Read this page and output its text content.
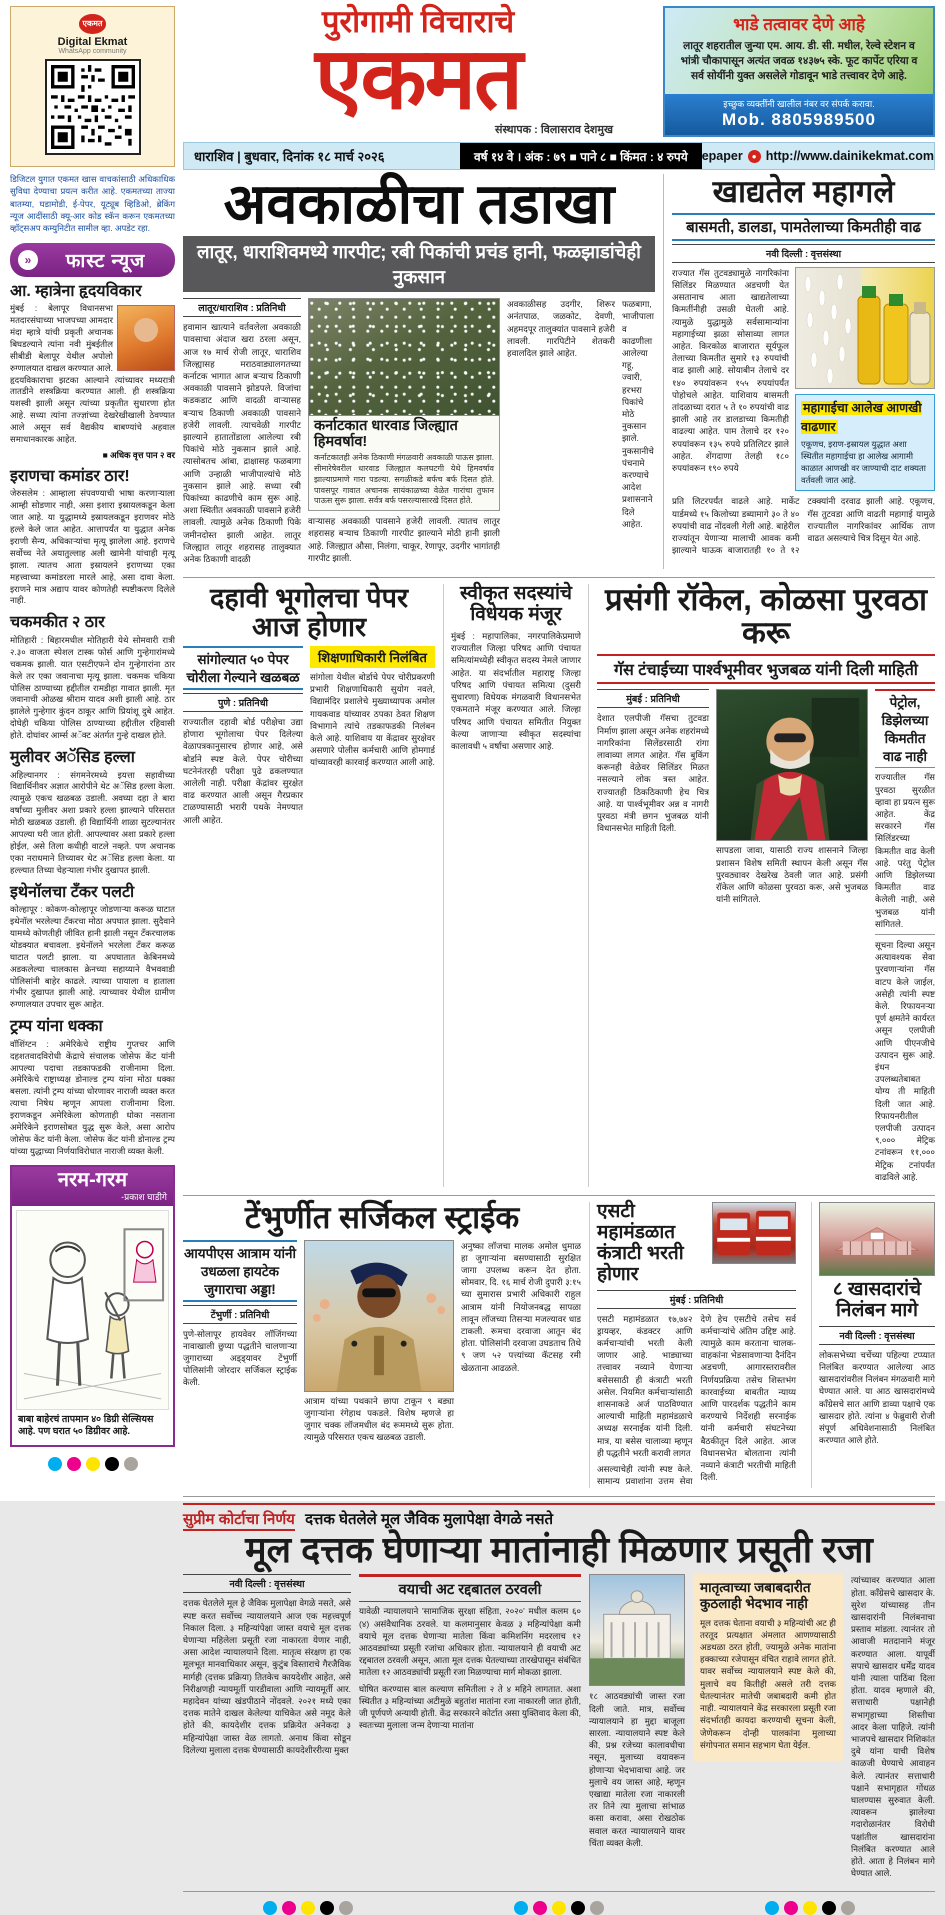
एकमत
Digital Ekmat
WhatsApp community
डिजिटल युगात एकमत खास वाचकांसाठी अधिकाधिक सुविधा देण्याचा प्रयत्न करीत आहे. एकमतच्या ताज्या बातम्या, घडामोडी, ई-पेपर, यूट्यूब व्हिडिओ, ब्रेकिंग न्यूज आदींसाठी क्यू-आर कोड स्कॅन करून एकमतच्या व्हॉट्सअप कम्युनिटीत सामील व्हा. अपडेट रहा.
»	फास्ट न्यूज
आ. म्हात्रेना हृदयविकार

मुंबई : बेलापूर विधानसभा मतदारसंघाच्या भाजपच्या आमदार मंदा म्हात्रे यांची प्रकृती अचानक बिघडल्याने त्यांना नवी मुंबईतील सीबीडी बेलापूर येथील अपोलो रुग्णालयात दाखल करण्यात आले. हृदयविकाराचा झटका आल्याने त्यांच्यावर मध्यरात्री तातडीने शस्त्रक्रिया करण्यात आली. ही शस्त्रक्रिया यशस्वी झाली असून त्यांच्या प्रकृतीत सुधारणा होत आहे. सध्या त्यांना तज्ज्ञांच्या देखरेखीखाली ठेवण्यात आले असून सर्व वैद्यकीय बाबण्यांचे अहवाल समाधानकारक आहेत.

■ अधिक वृत्त पान २ वर
इराणचा कमांडर ठार!

जेरुसलेम : आम्हाला संपवण्याची भाषा करणाऱ्याला आम्ही सोडणार नाही, असा इशारा इस्रायलकडून केला जात आहे. या युद्धामध्ये इस्रायलकडून इराणवर मोठे हल्ले केले जात आहेत. आत्तापर्यंत या युद्धात अनेक इराणी सैन्य, अधिकाऱ्यांचा मृत्यू झालेला आहे. इराणचे सर्वोच्च नेते अयातुल्लाह अली खामेनी यांचाही मृत्यू झाला. त्यातच आता इस्रायलने इराणच्या एका महत्त्वाच्या कमांडरला मारले आहे, असा दावा केला. इराणने मात्र अद्याप यावर कोणतेही स्पष्टीकरण दिलेले नाही.

चकमकीत २ ठार

मोतिहारी : बिहारमधील मोतिहारी येथे सोमवारी रात्री २.३० वाजता स्पेशल टास्क फोर्स आणि गुन्हेगारांमध्ये चकमक झाली. यात एसटीएफने दोन गुन्हेगारांना ठार केले तर एका जवानाचा मृत्यू झाला. चकमक चकिया पोलिस ठाण्याच्या हद्दीतील रामडीहा गावात झाली. मृत जवानाची ओळख श्रीराम यादव अशी झाली आहे. ठार झालेले गुन्हेगार कुंदन ठाकूर आणि प्रियांशू दुबे आहेत. दोघेही चकिया पोलिस ठाण्याच्या हद्दीतील रहिवासी होते. दोघांवर आर्म्स अॅक्ट अंतर्गत गुन्हे दाखल होते.

मुलीवर अॅसिड हल्ला

अहिल्यानगर : संगमनेरमध्ये इयत्ता सहावीच्या विद्यार्थिनीवर अज्ञात आरोपीने थेट अॅसिड हल्ला केला. त्यामुळे एकच खळबळ उडाली. अवघ्या दहा ते बारा वर्षांच्या मुलीवर अशा प्रकारे हल्ला झाल्याने परिसरात मोठी खळबळ उडाली. ही विद्यार्थिनी शाळा सुटल्यानंतर आपल्या घरी जात होती. आपल्यावर अशा प्रकारे हल्ला होईल, असे तिला कधीही वाटले नव्हते. पण अचानक एका नराधमाने तिच्यावर थेट अॅसिड हल्ला केला. या हल्ल्यात तिच्या चेहऱ्याला गंभीर दुखापत झाली.

इथेनॉलचा टँकर पलटी

कोल्हापूर : कोकण-कोल्हापूर जोडणाऱ्या करूळ घाटात इथेनॉल भरलेल्या टँकरचा मोठा अपघात झाला. सुदैवाने यामध्ये कोणतीही जीवित हानी झाली नसून टँकरचालक थोडक्यात बचावला. इथेनॉलने भरलेला टँकर करूळ घाटात पलटी झाला. या अपघातात केबिनमध्ये अडकलेल्या चालकास क्रेनच्या सहाय्याने वैभववाडी पोलिसांनी बाहेर काढले. त्याच्या पायाला व हाताला गंभीर दुखापत झाली आहे. त्याच्यावर येथील ग्रामीण रुग्णालयात उपचार सुरू आहेत.

ट्रम्प यांना धक्का

वॉशिंग्टन : अमेरिकेचे राष्ट्रीय गुप्तचर आणि दहशतवादविरोधी केंद्राचे संचालक जोसेफ केंट यांनी आपल्या पदाचा तडकाफडकी राजीनामा दिला. अमेरिकेचे राष्ट्राध्यक्ष डोनाल्ड ट्रम्प यांना मोठा धक्का बसला. त्यांनी ट्रम्प यांच्या धोरणावर नाराजी व्यक्त करत त्याचा निषेध म्हणून आपला राजीनामा दिला. इराणकडून अमेरिकेला कोणताही धोका नसताना अमेरिकेने इराणसोबत युद्ध सुरू केले, असा आरोप जोसेफ केंट यांनी केला. जोसेफ केंट यांनी डोनाल्ड ट्रम्प यांच्या युद्धाच्या निर्णयाविरोधात नाराजी व्यक्त केली.

नरम-गरम
-प्रकाश घाडीगे
बाबा बाहेरचं तापमान ४० डिग्री सेल्सियस आहे. पण घरात ५० डिग्रीवर आहे.
पुरोगामी विचाराचे
एकमत
संस्थापक : विलासराव देशमुख
भाडे तत्वावर देणे आहे
लातूर शहरातील जुन्या एम. आय. डी. सी. मधील, रेल्वे स्टेशन व भांत्री चौकापासून अत्यंत जवळ १४३७५ स्के. फूट कार्पेट एरिया व सर्व सोयींनी युक्त असलेले गोडावून भाडे तत्त्वावर देणे आहे.
इच्छुक व्यक्तींनी खालील नंबर वर संपर्क करावा.
Mob. 8805989500
धाराशिव | बुधवार, दिनांक १८ मार्च २०२६	वर्ष १४ वे । अंक : ७९ ■ पाने ८ ■ किंमत : ४ रुपये	epaper	● http://www.dainikekmat.com
अवकाळीचा तडाखा
लातूर, धाराशिवमध्ये गारपीट; रबी पिकांची प्रचंड हानी, फळझाडांचेही नुकसान
लातूर/धाराशिव : प्रतिनिधी

हवामान खात्याने वर्तवलेला अवकाळी पावसाचा अंदाज खरा ठरला असून, आज १७ मार्च रोजी लातूर, धाराशिव जिल्ह्यासह मराठवाड्यालगतच्या कर्नाटक भागात आज बऱ्याच ठिकाणी अवकाळी पावसाने झोडपले. विजांचा कडकडाट आणि वादळी वाऱ्यासह बऱ्याच ठिकाणी अवकाळी पावसाने हजेरी लावली. त्याचवेळी गारपीट झाल्याने हातातोंडाला आलेल्या रबी पिकांचे मोठे नुकसान झाले आहे. त्यासोबतच आंबा, द्राक्षासह फळबागा आणि उन्हाळी भाजीपाल्यांचे मोठे नुकसान झाले आहे. सध्या रबी पिकांच्या काढणीचे काम सुरू आहे. अशा स्थितीत अवकाळी पावसाने हजेरी लावली. त्यामुळे अनेक ठिकाणी पिके जमीनदोस्त झाली आहेत. लातूर जिल्ह्यात लातूर शहरासह तालुक्यात अनेक ठिकाणी वादळी

कर्नाटकात धारवाड जिल्ह्यात हिमवर्षाव!
कर्नाटकातही अनेक ठिकाणी मंगळवारी अवकाळी पाऊस झाला. सीमारेषेवरील धारवाड जिल्ह्यात कलघटगी येथे हिमवर्षाव झाल्याप्रमाणे गारा पडल्या. सगळीकडे बर्फच बर्फ दिसत होते. पावसपूर गावात अचानक सायंकाळच्या वेळेत गारांचा तुफान पाऊस सुरू झाला. सर्वत्र बर्फ पसरल्यासारखे दिसत होते.

वाऱ्यासह अवकाळी पावसाने हजेरी लावली. त्यातच लातूर शहरासह बऱ्याच ठिकाणी गारपीट झाल्याने मोठी हानी झाली आहे. जिल्ह्यात औसा, निलंगा, चाकूर, रेणापूर, उदगीर भागांतही गारपीट झाली.

अवकाळीसह उदगीर, शिरूर अनंतपाळ, जळकोट, देवणी, अहमदपूर तालुक्यांत पावसाने हजेरी लावली. गारपिटीने शेतकरी हवालदिल झाले आहेत.

फळबागा, भाजीपाला व काढणीला आलेल्या गहू, ज्वारी, हरभरा पिकांचे मोठे नुकसान झाले. नुकसानीचे पंचनामे करण्याचे आदेश प्रशासनाने दिले आहेत.

खाद्यतेल महागले
बासमती, डालडा, पामतेलाच्या किमतीही वाढ
नवी दिल्ली : वृत्तसंस्था

राज्यात गॅस तुटवड्यामुळे नागरिकांना सिलिंडर मिळण्यात अडचणी येत असतानाच आता खाद्यतेलाच्या किमतींनीही उसळी घेतली आहे. त्यामुळे युद्धामुळे सर्वसामान्यांना महागाईच्या झळा सोसाव्या लागत आहेत. किरकोळ बाजारात सूर्यफूल तेलाच्या किमतीत सुमारे १३ रुपयांची वाढ झाली आहे. सोयाबीन तेलाचे दर १४० रुपयांवरून १५५ रुपयांपर्यंत पोहोचले आहेत. याशिवाय बासमती तांदळाच्या दरात ५ ते १० रुपयांची वाढ झाली आहे तर डालडाच्या किमतीही वाढल्या आहेत. पाम तेलाचे दर १२० रुपयांवरून १३५ रुपये प्रतिलिटर झाले आहेत. शेंगदाणा तेलही १८० रुपयांवरून १९० रुपये

महागाईचा आलेख आणखी वाढणार
एकूणच, इराण-इस्रायल युद्धात अशा स्थितीत महागाईचा हा आलेख आगामी काळात आणखी वर जाण्याची दाट शक्यता वर्तवली जात आहे.

प्रति लिटरपर्यंत वाढले आहे. मार्केट यार्डमध्ये १५ किलोच्या डब्यामागे ३० ते ४० रुपयांची वाढ नोंदवली गेली आहे. बाहेरील राज्यांतून येणाऱ्या मालाची आवक कमी झाल्याने घाऊक बाजारातही १० ते १२ टक्क्यांनी दरवाढ झाली आहे. एकूणच, गॅस तुटवडा आणि वाढती महागाई यामुळे राज्यातील नागरिकांवर आर्थिक ताण वाढत असल्याचे चित्र दिसून येत आहे.

दहावी भूगोलचा पेपर आज होणार
सांगोल्यात ५० पेपर चोरीला गेल्याने खळबळ
पुणे : प्रतिनिधी

राज्यातील दहावी बोर्ड परीक्षेचा उद्या होणारा भूगोलाचा पेपर दिलेल्या वेळापत्रकानुसारच होणार आहे, असे बोर्डाने स्पष्ट केले. पेपर चोरीच्या घटनेनंतरही परीक्षा पुढे ढकलण्यात आलेली नाही. परीक्षा केंद्रांवर सुरक्षेत वाढ करण्यात आली असून गैरप्रकार टाळण्यासाठी भरारी पथके नेमण्यात आली आहेत.

शिक्षणाधिकारी निलंबित

सांगोला येथील बोर्डाचे पेपर चोरीप्रकरणी प्रभारी शिक्षणाधिकारी सुयोग नवले, विद्यामंदिर प्रशालेचे मुख्याध्यापक अमोल गायकवाड यांच्यावर ठपका ठेवत शिक्षण विभागाने त्यांचे तडकाफडकी निलंबन केले आहे. याशिवाय या केंद्रावर सुरक्षेवर असणारे पोलीस कर्मचारी आणि होमगार्ड यांच्यावरही कारवाई करण्यात आली आहे.

स्वीकृत सदस्यांचे विधेयक मंजूर

मुंबई : महापालिका, नगरपालिकेप्रमाणे राज्यातील जिल्हा परिषद आणि पंचायत समित्यांमध्येही स्वीकृत सदस्य नेमले जाणार आहेत. या संदर्भातील महाराष्ट्र जिल्हा परिषद आणि पंचायत समित्या (दुसरी सुधारणा) विधेयक मंगळवारी विधानसभेत एकमताने मंजूर करण्यात आले. जिल्हा परिषद आणि पंचायत समितीत नियुक्त केल्या जाणाऱ्या स्वीकृत सदस्यांचा कालावधी ५ वर्षांचा असणार आहे.

प्रसंगी रॉकेल, कोळसा पुरवठा करू
गॅस टंचाईच्या पार्श्वभूमीवर भुजबळ यांनी दिली माहिती
मुंबई : प्रतिनिधी

देशात एलपीजी गॅसचा तुटवडा निर्माण झाला असून अनेक शहरांमध्ये नागरिकांना सिलेंडरसाठी रांगा लावाव्या लागत आहेत. गॅस बुकिंग करूनही वेळेवर सिलिंडर मिळत नसल्याने लोक त्रस्त आहेत. राज्यातही ठिकठिकाणी हेच चित्र आहे. या पार्श्वभूमीवर अन्न व नागरी पुरवठा मंत्री छगन भुजबळ यांनी विधानसभेत माहिती दिली.

सापडला जावा, यासाठी राज्य शासनाने जिल्हा प्रशासन विशेष समिती स्थापन केली असून गॅस पुरवठ्यावर देखरेख ठेवली जात आहे. प्रसंगी रॉकेल आणि कोळसा पुरवठा करू, असे भुजबळ यांनी सांगितले.

पेट्रोल, डिझेलच्या किमतीत वाढ नाही

राज्यातील गॅस पुरवठा सुरळीत व्हावा हा प्रयत्न सुरू आहेत. केंद्र सरकारने गॅस सिलिंडरच्या किमतीत वाढ केली आहे. परंतु पेट्रोल आणि डिझेलच्या किमतीत वाढ केलेली नाही, असे भुजबळ यांनी सांगितले.

सूचना दिल्या असून अत्यावश्यक सेवा पुरवणाऱ्यांना गॅस वाटप केले जाईल, असेही त्यांनी स्पष्ट केले. रिफायनऱ्या पूर्ण क्षमतेने कार्यरत असून एलपीजी आणि पीएनजीचे उत्पादन सुरू आहे. इंधन उपलब्धतेबाबत योग्य ती माहिती दिली जात आहे. रिफायनरीतील एलपीजी उत्पादन ९,००० मेट्रिक टनांवरून ११,००० मेट्रिक टनांपर्यंत वाढविले आहे.

टेंभुर्णीत सर्जिकल स्ट्राईक
आयपीएस आत्राम यांनी उधळला हायटेक जुगाराचा अड्डा!
टेंभुर्णी : प्रतिनिधी

पुणे-सोलापूर हायवेवर लॉजिंगच्या नावाखाली छुप्या पद्धतीने चालणाऱ्या जुगाराच्या अड्ड्यावर टेंभुर्णी पोलिसांनी जोरदार सर्जिकल स्ट्राईक केली.

आत्राम यांच्या पथकाने छापा टाकून ९ बड्या जुगाऱ्यांना रंगेहाथ पकडले. विशेष म्हणजे हा जुगार चक्क लॉजमधील बंद रूममध्ये सुरू होता. त्यामुळे परिसरात एकच खळबळ उडाली.

अनुष्का लॉजचा मालक अमोल धुमाळ हा जुगाऱ्यांना बसण्यासाठी सुरक्षित जागा उपलब्ध करून देत होता. सोमवार, दि. १६ मार्च रोजी दुपारी ३:१५ च्या सुमारास प्रभारी अधिकारी राहुल आत्राम यांनी नियोजनबद्ध सापळा लावून लॉजच्या तिसऱ्या मजल्यावर धाड टाकली. रूमचा दरवाजा आतून बंद होता. पोलिसांनी दरवाजा उघडताच तिथे ९ जण ५२ पत्त्यांच्या कॅटसह रमी खेळताना आढळले.

एसटी महामंडळात कंत्राटी भरती होणार
मुंबई : प्रतिनिधी

एसटी महामंडळात १७,७४२ ड्रायव्हर, कंडक्टर आणि कर्मचाऱ्यांची भरती केली जाणार आहे. भाड्याच्या तत्त्वावर नव्याने येणाऱ्या बसेससाठी ही कंत्राटी भरती असेल. नियमित कर्मचाऱ्यांसाठी शासनाकडे अर्ज पाठविण्यात आल्याची माहिती महामंडळाचे अध्यक्ष सरनाईक यांनी दिली. मात्र, या बसेस चालाव्या म्हणून ही पद्धतीने भरती करावी लागत

असल्याचेही त्यांनी स्पष्ट केले. सामान्य प्रवाशांना उत्तम सेवा देणे हेच एसटीचे तसेच सर्व कर्मचाऱ्यांचे अंतिम उद्दिष्ट आहे. त्यामुळे काम करताना चालक-वाहकांना भेडसावणाऱ्या दैनंदिन अडचणी, आगारस्तरावरील निर्णयप्रक्रिया तसेच शिस्तभंग कारवाईच्या बाबतीत न्याय्य आणि पारदर्शक पद्धतीने काम करण्याचे निर्देशही सरनाईक यांनी कर्मचारी संघटनेच्या बैठकीतून दिले आहेत. आज विधानसभेत बोलताना त्यांनी नव्याने कंत्राटी भरतीची माहिती दिली.

८ खासदारांचे निलंबन मागे
नवी दिल्ली : वृत्तसंस्था

लोकसभेच्या चर्चेच्या पहिल्या टप्प्यात निलंबित करण्यात आलेल्या आठ खासदारांवरील निलंबन मंगळवारी मागे घेण्यात आले. या आठ खासदारांमध्ये काँग्रेसचे सात आणि डाव्या पक्षाचे एक खासदार होते. त्यांना ४ फेब्रुवारी रोजी संपूर्ण अधिवेशनासाठी निलंबित करण्यात आले होते.

सुप्रीम कोर्टाचा निर्णय दत्तक घेतलेले मूल जैविक मुलापेक्षा वेगळे नसते
मूल दत्तक घेणाऱ्या मातांनाही मिळणार प्रसूती रजा
नवी दिल्ली : वृत्तसंस्था

दत्तक घेतलेले मूल हे जैविक मुलापेक्षा वेगळे नसते, असे स्पष्ट करत सर्वोच्च न्यायालयाने आज एक महत्त्वपूर्ण निकाल दिला. ३ महिन्यांपेक्षा जास्त वयाचे मूल दत्तक घेणाऱ्या महिलेला प्रसूती रजा नाकारता येणार नाही, असा आदेश न्यायालयाने दिला. मातृत्व संरक्षण हा एक मूलभूत मानवाधिकार असून, कुटुंब विस्ताराचे गैरजैविक मार्गही (दत्तक प्रक्रिया) तितकेच कायदेशीर आहेत, असे निरीक्षणही न्यायमूर्ती पारडीवाला आणि न्यायमूर्ती आर. महादेवन यांच्या खंडपीठाने नोंदवले. २०२१ मध्ये एका दत्तक मातेने दाखल केलेल्या याचिकेत असे नमूद केले होते की, कायदेशीर दत्तक प्रक्रियेत अनेकदा ३ महिन्यांपेक्षा जास्त वेळ लागतो. अनाथ किंवा सोडून दिलेल्या मुलाला दत्तक घेण्यासाठी कायदेशीररीत्या मुक्त

वयाची अट रद्दबातल ठरवली

यावेळी न्यायालयाने 'सामाजिक सुरक्षा संहिता, २०२०' मधील कलम ६० (४) असंवैधानिक ठरवले. या कलमानुसार केवळ ३ महिन्यांपेक्षा कमी वयाचे मूल दत्तक घेणाऱ्या मातेला किंवा कमिशनिंग मदरलाच १२ आठवड्यांच्या प्रसूती रजांचा अधिकार होता. न्यायालयाने ही वयाची अट रद्दबातल ठरवली असून, आता मूल दत्तक घेतल्याच्या तारखेपासून संबंधित मातेला १२ आठवड्यांची प्रसूती रजा मिळण्याचा मार्ग मोकळा झाला.

घोषित करण्यास बाल कल्याण समितीला २ ते ४ महिने लागतात. अशा स्थितीत ३ महिन्यांच्या अटीमुळे बहुतांश मातांना रजा नाकारली जात होती, जी पूर्णपणे अन्यायी होती. केंद्र सरकारने कोर्टात असा युक्तिवाद केला की, स्वतःच्या मुलाला जन्म देणाऱ्या मातांना

१८ आठवड्यांची जास्त रजा दिली जाते. मात्र, सर्वोच्च न्यायालयाने हा मुद्दा बाजूला सारला. न्यायालयाने स्पष्ट केले की, प्रश्न रजेच्या कालावधीचा नसून, मुलाच्या वयावरून होणाऱ्या भेदभावाचा आहे. जर मुलाचे वय जास्त आहे, म्हणून एखाद्या मातेला रजा नाकारली तर तिने त्या मुलाचा सांभाळ कसा करावा, असा रोखठोक सवाल करत न्यायालयाने यावर चिंता व्यक्त केली.

मातृत्वाच्या जबाबदारीत कुठलाही भेदभाव नाही

मूल दत्तक घेताना वयाची ३ महिन्यांची अट ही तरतूद प्रत्यक्षात अंमलात आणण्यासाठी अडथळा ठरत होती, ज्यामुळे अनेक मातांना हक्काच्या रजेपासून वंचित राहावे लागत होते. यावर सर्वोच्च न्यायालयाने स्पष्ट केले की, मुलाचे वय कितीही असले तरी दत्तक घेतल्यानंतर मातेची जबाबदारी कमी होत नाही. न्यायालयाने केंद्र सरकारला प्रसूती रजा संदर्भातही कायदा करण्याची सूचना केली, जेणेकरून दोन्ही पालकांना मुलाच्या संगोपनात समान सहभाग घेता येईल.

त्यांच्यावर करण्यात आला होता. काँग्रेसचे खासदार के. सुरेश यांच्यासह तीन खासदारांनी निलंबनाचा प्रस्ताव मांडला. त्यानंतर तो आवाजी मतदानाने मंजूर करण्यात आला. यापूर्वी सपाचे खासदार धर्मेंद्र यादव यांनी त्याला पाठिंबा दिला होता. यादव म्हणाले की, सत्ताधारी पक्षानेही सभागृहाच्या शिस्तीचा आदर केला पाहिजे. त्यांनी भाजपचे खासदार निशिकांत दुबे यांना याची विशेष काळजी घेण्याचे आवाहन केले. त्यानंतर सत्ताधारी पक्षाने सभागृहात गोंधळ घालण्यास सुरुवात केली. त्यावरून झालेल्या गदारोळानंतर विरोधी पक्षांतील खासदारांना निलंबित करण्यात आले होते. आता हे निलंबन मागे घेण्यात आले.
